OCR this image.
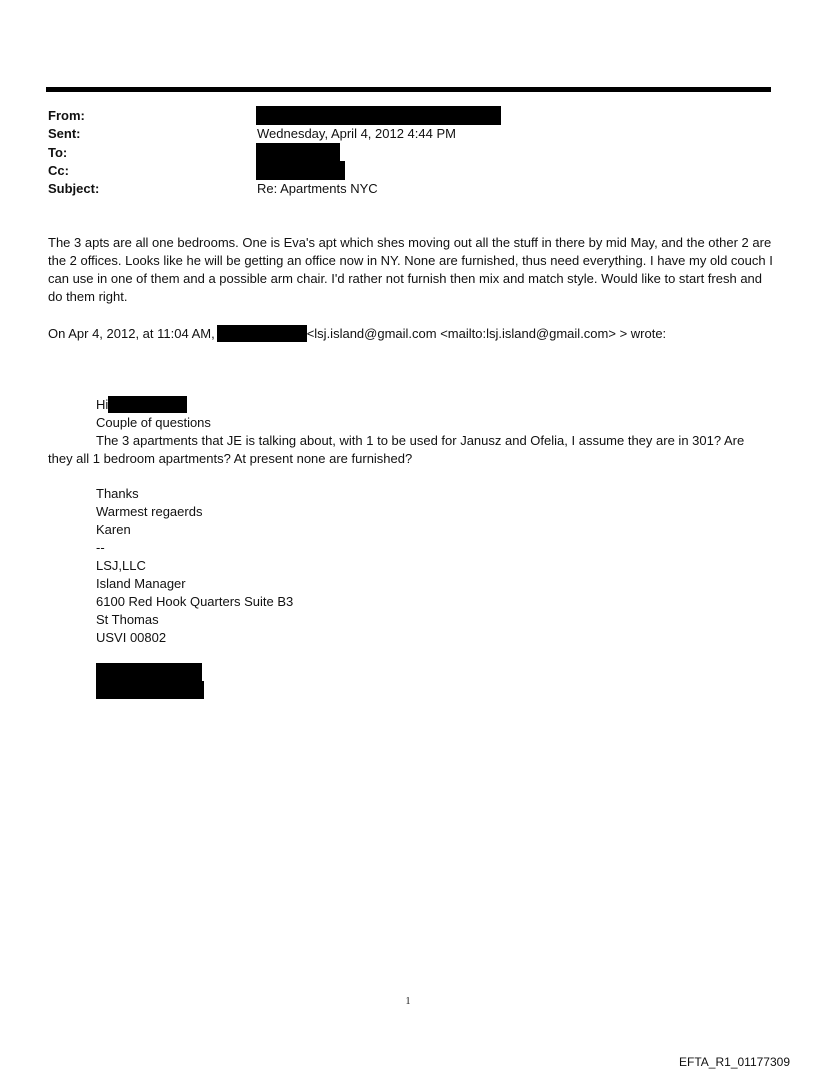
From:
Sent:
To:
Cc:
Subject:
Wednesday, April 4, 2012 4:44 PM
Re: Apartments NYC

The 3 apts are all one bedrooms. One is Eva's apt which shes moving out all the stuff in there by mid May, and the other 2 are the 2 offices. Looks like he will be getting an office now in NY. None are furnished, thus need everything. I have my old couch I can use in one of them and a possible arm chair. I'd rather not furnish then mix and match style. Would like to start fresh and do them right.

On Apr 4, 2012, at 11:04 AM,	<lsj.island@gmail.com <mailto:lsj.island@gmail.com> > wrote:
Hi
Couple of questions
The 3 apartments that JE is talking about, with 1 to be used for Janusz and Ofelia, I assume they are in 301? Are
they all 1 bedroom apartments? At present none are furnished?
Thanks
Warmest regaerds
Karen
--
LSJ,LLC
Island Manager
6100 Red Hook Quarters Suite B3
St Thomas
USVI 00802
1
EFTA_R1_01177309
